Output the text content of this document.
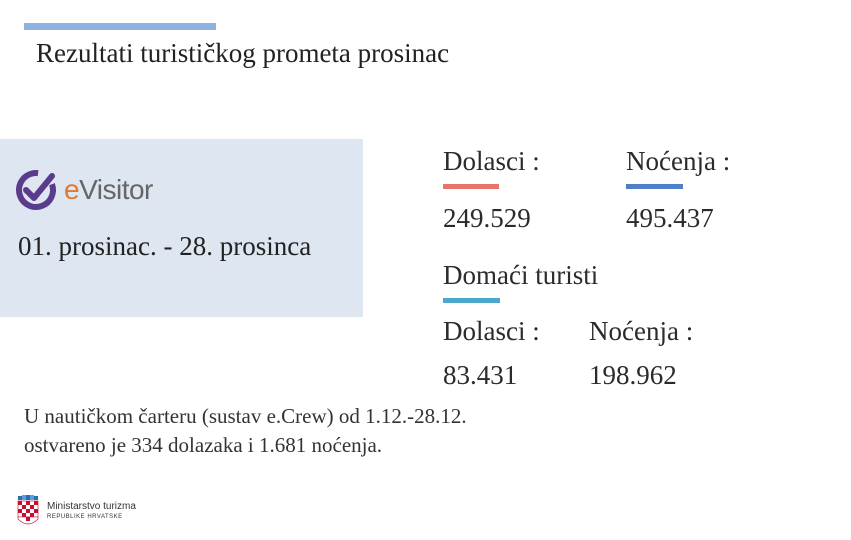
Rezultati turističkog prometa prosinac
eVisitor
01. prosinac. - 28. prosinca
Dolasci :	Noćenja :
249.529	495.437
Domaći turisti
Dolasci : Noćenja :
83.431	198.962
U nautičkom čarteru (sustav e.Crew) od 1.12.-28.12.
ostvareno je 334 dolazaka i 1.681 noćenja.
Ministarstvo turizma
REPUBLIKE HRVATSKE
